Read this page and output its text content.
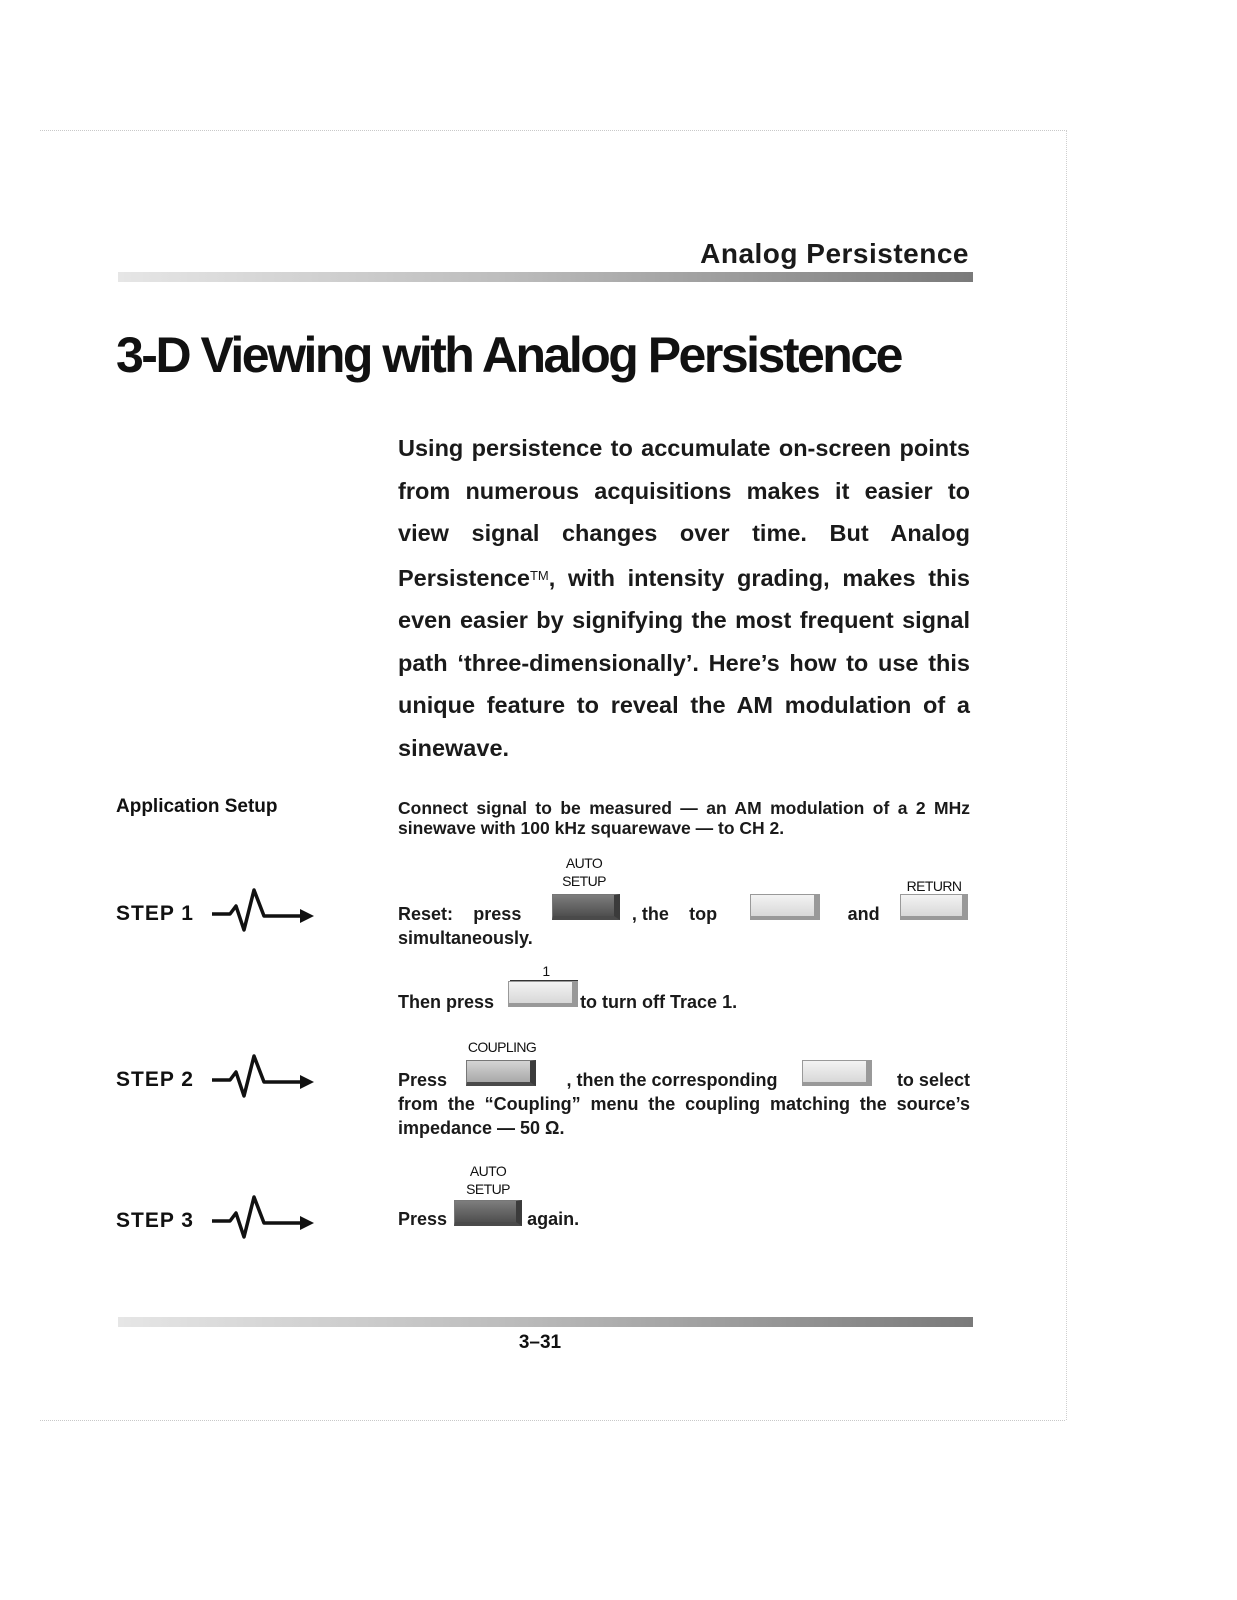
Analog Persistence
3-D Viewing with Analog Persistence
Using persistence to accumulate on-screen points from numerous acquisitions makes it easier to view signal changes over time. But Analog Persistence™, with intensity grading, makes this even easier by signifying the most frequent signal path ‘three-dimensionally’. Here’s how to use this unique feature to reveal the AM modulation of a sinewave.
Application Setup	Connect signal to be measured — an AM modulation of a 2 MHz sinewave with 100 kHz squarewave — to CH 2.
STEP 1
AUTO
SETUP	RETURN
Reset: press	, the top	and
simultaneously.
1
Then press	to turn off Trace 1.
STEP 2
COUPLING
Press	, then the corresponding	to select
from the “Coupling” menu the coupling matching the source’s impedance — 50 Ω.
STEP 3
AUTO
SETUP
Press	again.
3–31
